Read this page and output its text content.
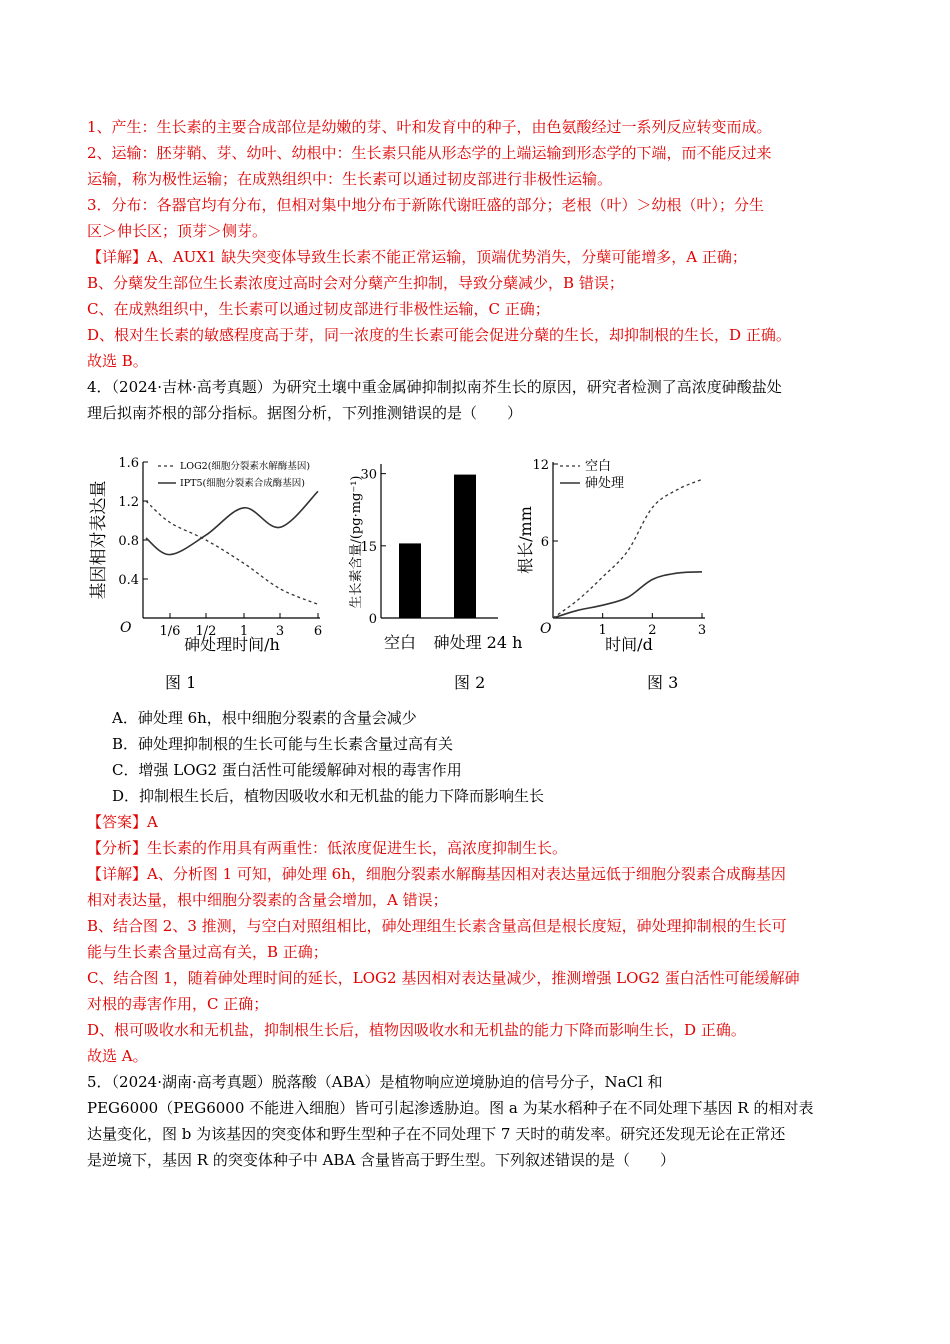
1、产生：生长素的主要合成部位是幼嫩的芽、叶和发育中的种子，由色氨酸经过一系列反应转变而成。
2、运输：胚芽鞘、芽、幼叶、幼根中：生长素只能从形态学的上端运输到形态学的下端，而不能反过来
运输，称为极性运输；在成熟组织中：生长素可以通过韧皮部进行非极性运输。
3．分布：各器官均有分布，但相对集中地分布于新陈代谢旺盛的部分；老根（叶）＞幼根（叶）；分生
区＞伸长区；顶芽＞侧芽。
【详解】A、AUX1 缺失突变体导致生长素不能正常运输，顶端优势消失，分蘖可能增多，A 正确；
B、分蘖发生部位生长素浓度过高时会对分蘖产生抑制，导致分蘖减少，B 错误；
C、在成熟组织中，生长素可以通过韧皮部进行非极性运输，C 正确；
D、根对生长素的敏感程度高于芽，同一浓度的生长素可能会促进分蘖的生长，却抑制根的生长，D 正确。
故选 B。
4．（2024·吉林·高考真题）为研究土壤中重金属砷抑制拟南芥生长的原因，研究者检测了高浓度砷酸盐处
理后拟南芥根的部分指标。据图分析，下列推测错误的是（　　）
0.4
0.8
1.2
1.6
1/6 1/2 1 3 6
LOG2(细胞分裂素水解酶基因)
IPT5(细胞分裂素合成酶基因)
O
基因相对表达量
砷处理时间/h
图 1
0
15
30
生长素含量/(pg·mg⁻¹)
空白 砷处理 24 h
图 2
6
12
1	2	3
空白
砷处理
O
根长/mm
时间/d
图 3
A．砷处理 6h，根中细胞分裂素的含量会减少
B．砷处理抑制根的生长可能与生长素含量过高有关
C．增强 LOG2 蛋白活性可能缓解砷对根的毒害作用
D．抑制根生长后，植物因吸收水和无机盐的能力下降而影响生长
【答案】A
【分析】生长素的作用具有两重性：低浓度促进生长，高浓度抑制生长。
【详解】A、分析图 1 可知，砷处理 6h，细胞分裂素水解酶基因相对表达量远低于细胞分裂素合成酶基因
相对表达量，根中细胞分裂素的含量会增加，A 错误；
B、结合图 2、3 推测，与空白对照组相比，砷处理组生长素含量高但是根长度短，砷处理抑制根的生长可
能与生长素含量过高有关，B 正确；
C、结合图 1，随着砷处理时间的延长，LOG2 基因相对表达量减少，推测增强 LOG2 蛋白活性可能缓解砷
对根的毒害作用，C 正确；
D、根可吸收水和无机盐，抑制根生长后，植物因吸收水和无机盐的能力下降而影响生长，D 正确。
故选 A。
5．（2024·湖南·高考真题）脱落酸（ABA）是植物响应逆境胁迫的信号分子，NaCl 和
PEG6000（PEG6000 不能进入细胞）皆可引起渗透胁迫。图 a 为某水稻种子在不同处理下基因 R 的相对表
达量变化，图 b 为该基因的突变体和野生型种子在不同处理下 7 天时的萌发率。研究还发现无论在正常还
是逆境下，基因 R 的突变体种子中 ABA 含量皆高于野生型。下列叙述错误的是（　　）
